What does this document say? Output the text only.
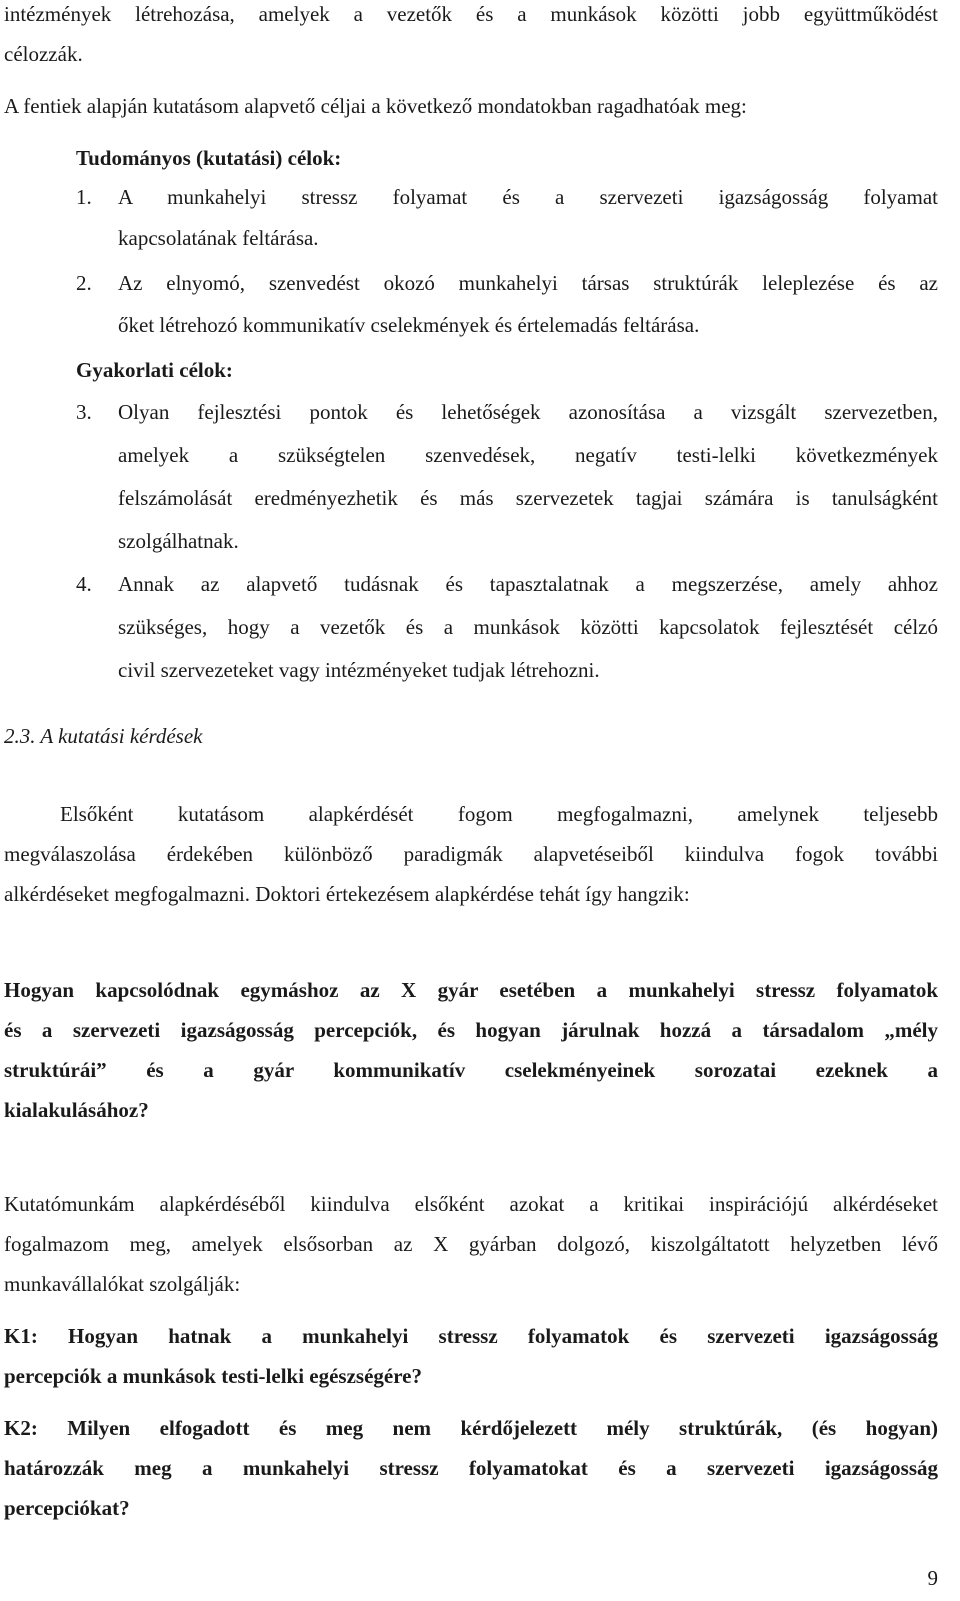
intézmények létrehozása, amelyek a vezetők és a munkások közötti jobb együttműködést

célozzák.

A fentiek alapján kutatásom alapvető céljai a következő mondatokban ragadhatóak meg:

Tudományos (kutatási) célok:

1. A munkahelyi stressz folyamat és a szervezeti igazságosság folyamat

kapcsolatának feltárása.

2. Az elnyomó, szenvedést okozó munkahelyi társas struktúrák leleplezése és az

őket létrehozó kommunikatív cselekmények és értelemadás feltárása.

Gyakorlati célok:

3. Olyan fejlesztési pontok és lehetőségek azonosítása a vizsgált szervezetben,

amelyek a szükségtelen szenvedések, negatív testi-lelki következmények

felszámolását eredményezhetik és más szervezetek tagjai számára is tanulságként

szolgálhatnak.

4. Annak az alapvető tudásnak és tapasztalatnak a megszerzése, amely ahhoz

szükséges, hogy a vezetők és a munkások közötti kapcsolatok fejlesztését célzó

civil szervezeteket vagy intézményeket tudjak létrehozni.

2.3. A kutatási kérdések

Elsőként kutatásom alapkérdését fogom megfogalmazni, amelynek teljesebb

megválaszolása érdekében különböző paradigmák alapvetéseiből kiindulva fogok további

alkérdéseket megfogalmazni. Doktori értekezésem alapkérdése tehát így hangzik:

Hogyan kapcsolódnak egymáshoz az X gyár esetében a munkahelyi stressz folyamatok

és a szervezeti igazságosság percepciók, és hogyan járulnak hozzá a társadalom „mély

struktúrái” és a gyár kommunikatív cselekményeinek sorozatai ezeknek a

kialakulásához?

Kutatómunkám alapkérdéséből kiindulva elsőként azokat a kritikai inspirációjú alkérdéseket

fogalmazom meg, amelyek elsősorban az X gyárban dolgozó, kiszolgáltatott helyzetben lévő

munkavállalókat szolgálják:

K1: Hogyan hatnak a munkahelyi stressz folyamatok és szervezeti igazságosság

percepciók a munkások testi-lelki egészségére?

K2: Milyen elfogadott és meg nem kérdőjelezett mély struktúrák, (és hogyan)

határozzák meg a munkahelyi stressz folyamatokat és a szervezeti igazságosság

percepciókat?

9
